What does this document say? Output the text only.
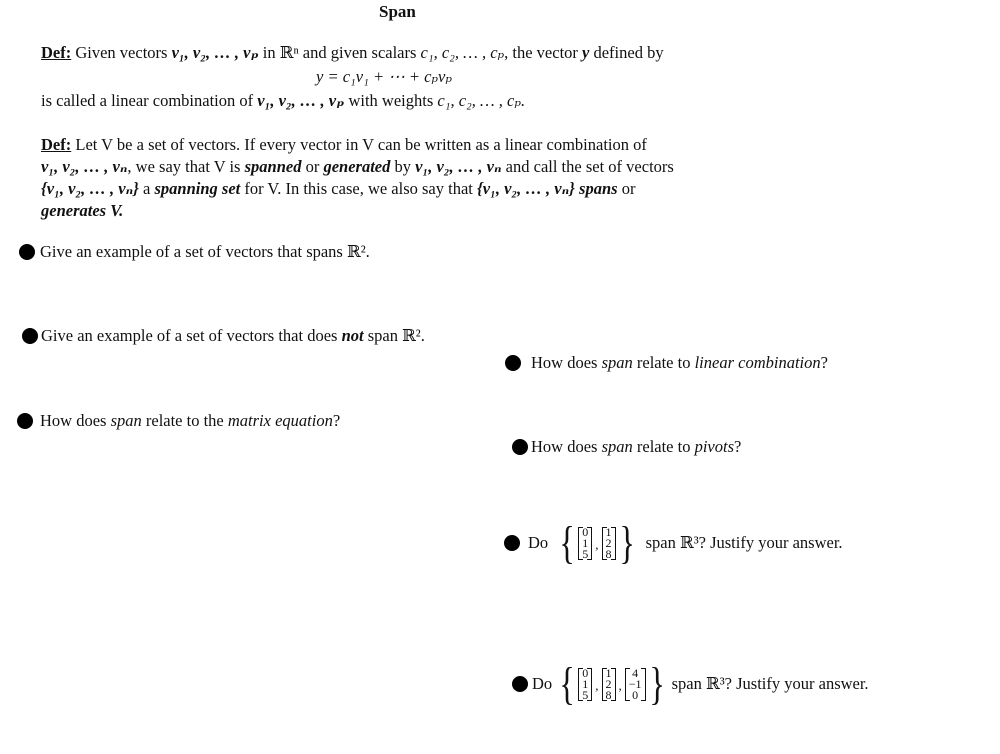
Span
Def: Given vectors v₁, v₂, … , vₚ in ℝⁿ and given scalars c₁, c₂, … , cₚ, the vector y defined by
y = c₁v₁ + ⋯ + cₚvₚ
is called a linear combination of v₁, v₂, … , vₚ with weights c₁, c₂, … , cₚ.
Def: Let V be a set of vectors. If every vector in V can be written as a linear combination of
v₁, v₂, … , vₙ, we say that V is spanned or generated by v₁, v₂, … , vₙ and call the set of vectors
{v₁, v₂, … , vₙ} a spanning set for V. In this case, we also say that {v₁, v₂, … , vₙ} spans or
generates V.
Give an example of a set of vectors that spans ℝ².
Give an example of a set of vectors that does not span ℝ².
How does span relate to linear combination?
How does span relate to the matrix equation?
How does span relate to pivots?
Do { 0
1
5
,
1
2
8 } span ℝ³? Justify your answer.
Do { 0
1
5
,
1
2
8
,
4
−1
0 } span ℝ³? Justify your answer.
